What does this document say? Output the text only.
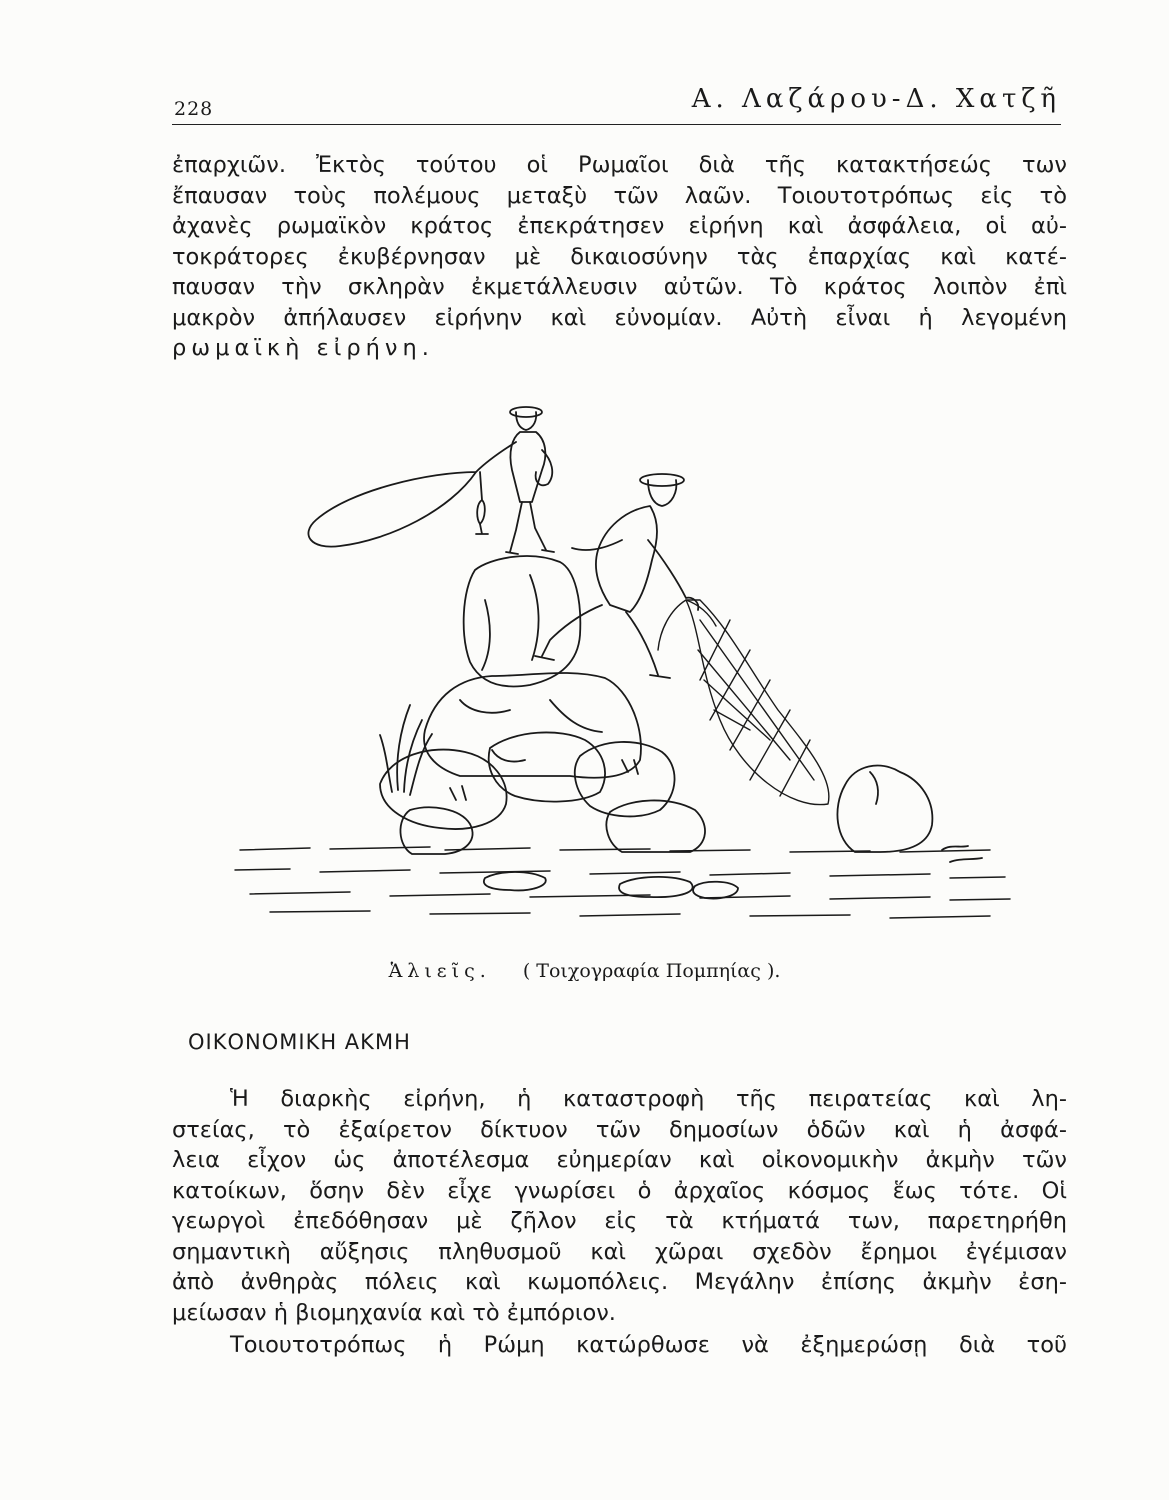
228	Α. Λαζάρου-Δ. Χατζῆ
ἐπαρχιῶν. Ἐκτὸς τούτου οἱ Ρωμαῖοι διὰ τῆς κατακτήσεώς των
ἔπαυσαν τοὺς πολέμους μεταξὺ τῶν λαῶν. Τοιουτοτρόπως εἰς τὸ
ἀχανὲς ρωμαϊκὸν κράτος ἐπεκράτησεν εἰρήνη καὶ ἀσφάλεια, οἱ αὐ-
τοκράτορες ἐκυβέρνησαν μὲ δικαιοσύνην τὰς ἐπαρχίας καὶ κατέ-
παυσαν τὴν σκληρὰν ἐκμετάλλευσιν αὐτῶν. Τὸ κράτος λοιπὸν ἐπὶ
μακρὸν ἀπήλαυσεν εἰρήνην καὶ εὐνομίαν. Αὐτὴ εἶναι ἡ λεγομένη
ρωμαϊκὴ εἰρήνη.
Ἁλιεῖς. ( Τοιχογραφία Πομπηίας ).
ΟΙΚΟΝΟΜΙΚΗ ΑΚΜΗ
Ἡ διαρκὴς εἰρήνη, ἡ καταστροφὴ τῆς πειρατείας καὶ λη-
στείας, τὸ ἐξαίρετον δίκτυον τῶν δημοσίων ὁδῶν καὶ ἡ ἀσφά-
λεια εἶχον ὡς ἀποτέλεσμα εὐημερίαν καὶ οἰκονομικὴν ἀκμὴν τῶν
κατοίκων, ὅσην δὲν εἶχε γνωρίσει ὁ ἀρχαῖος κόσμος ἕως τότε. Οἱ
γεωργοὶ ἐπεδόθησαν μὲ ζῆλον εἰς τὰ κτήματά των, παρετηρήθη
σημαντικὴ αὔξησις πληθυσμοῦ καὶ χῶραι σχεδὸν ἔρημοι ἐγέμισαν
ἀπὸ ἀνθηρὰς πόλεις καὶ κωμοπόλεις. Μεγάλην ἐπίσης ἀκμὴν ἐση-
μείωσαν ἡ βιομηχανία καὶ τὸ ἐμπόριον.
Τοιουτοτρόπως ἡ Ρώμη κατώρθωσε νὰ ἐξημερώσῃ διὰ τοῦ
